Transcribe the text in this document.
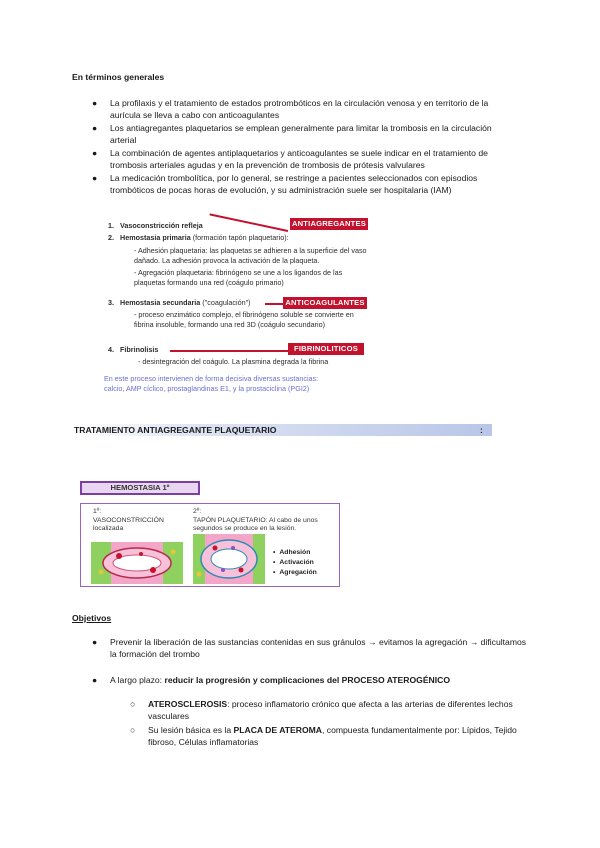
En términos generales
● La profilaxis y el tratamiento de estados protrombóticos en la circulación venosa y en territorio de la aurícula se lleva a cabo con anticoagulantes
● Los antiagregantes plaquetarios se emplean generalmente para limitar la trombosis en la circulación arterial
● La combinación de agentes antiplaquetarios y anticoagulantes se suele indicar en el tratamiento de trombosis arteriales agudas y en la prevención de trombosis de prótesis valvulares
● La medicación trombolítica, por lo general, se restringe a pacientes seleccionados con episodios trombóticos de pocas horas de evolución, y su administración suele ser hospitalaria (IAM)
1. Vasoconstricción refleja
2. Hemostasia primaria (formación tapón plaquetario):
- Adhesión plaquetaria: las plaquetas se adhieren a la superficie del vaso dañado. La adhesión provoca la activación de la plaqueta.
- Agregación plaquetaria: fibrinógeno se une a los ligandos de las plaquetas formando una red (coágulo primario)
3. Hemostasia secundaria ("coagulación")
- proceso enzimático complejo, el fibrinógeno soluble se convierte en fibrina insoluble, formando una red 3D (coágulo secundario)
4. Fibrinolisis
- desintegración del coágulo. La plasmina degrada la fibrina
En este proceso intervienen de forma decisiva diversas sustancias:
calcio, AMP cíclico, prostaglandinas E1, y la prostaciclina (PGI2)
ANTIAGREGANTES
ANTICOAGULANTES
FIBRINOLITICOS
TRATAMIENTO ANTIAGREGANTE PLAQUETARIO	:
HEMOSTASIA 1º
1º:
VASOCONSTRICCIÓN localizada
2º:
TAPÓN PLAQUETARIO: Al cabo de unos segundos se produce en la lesión.
• Adhesión
• Activación
• Agregación
Objetivos
● Prevenir la liberación de las sustancias contenidas en sus gránulos → evitamos la agregación → dificultamos la formación del trombo
● A largo plazo: reducir la progresión y complicaciones del PROCESO ATEROGÉNICO
○ ATEROSCLEROSIS: proceso inflamatorio crónico que afecta a las arterias de diferentes lechos vasculares
○ Su lesión básica es la PLACA DE ATEROMA, compuesta fundamentalmente por: Lípidos, Tejido fibroso, Células inflamatorias
